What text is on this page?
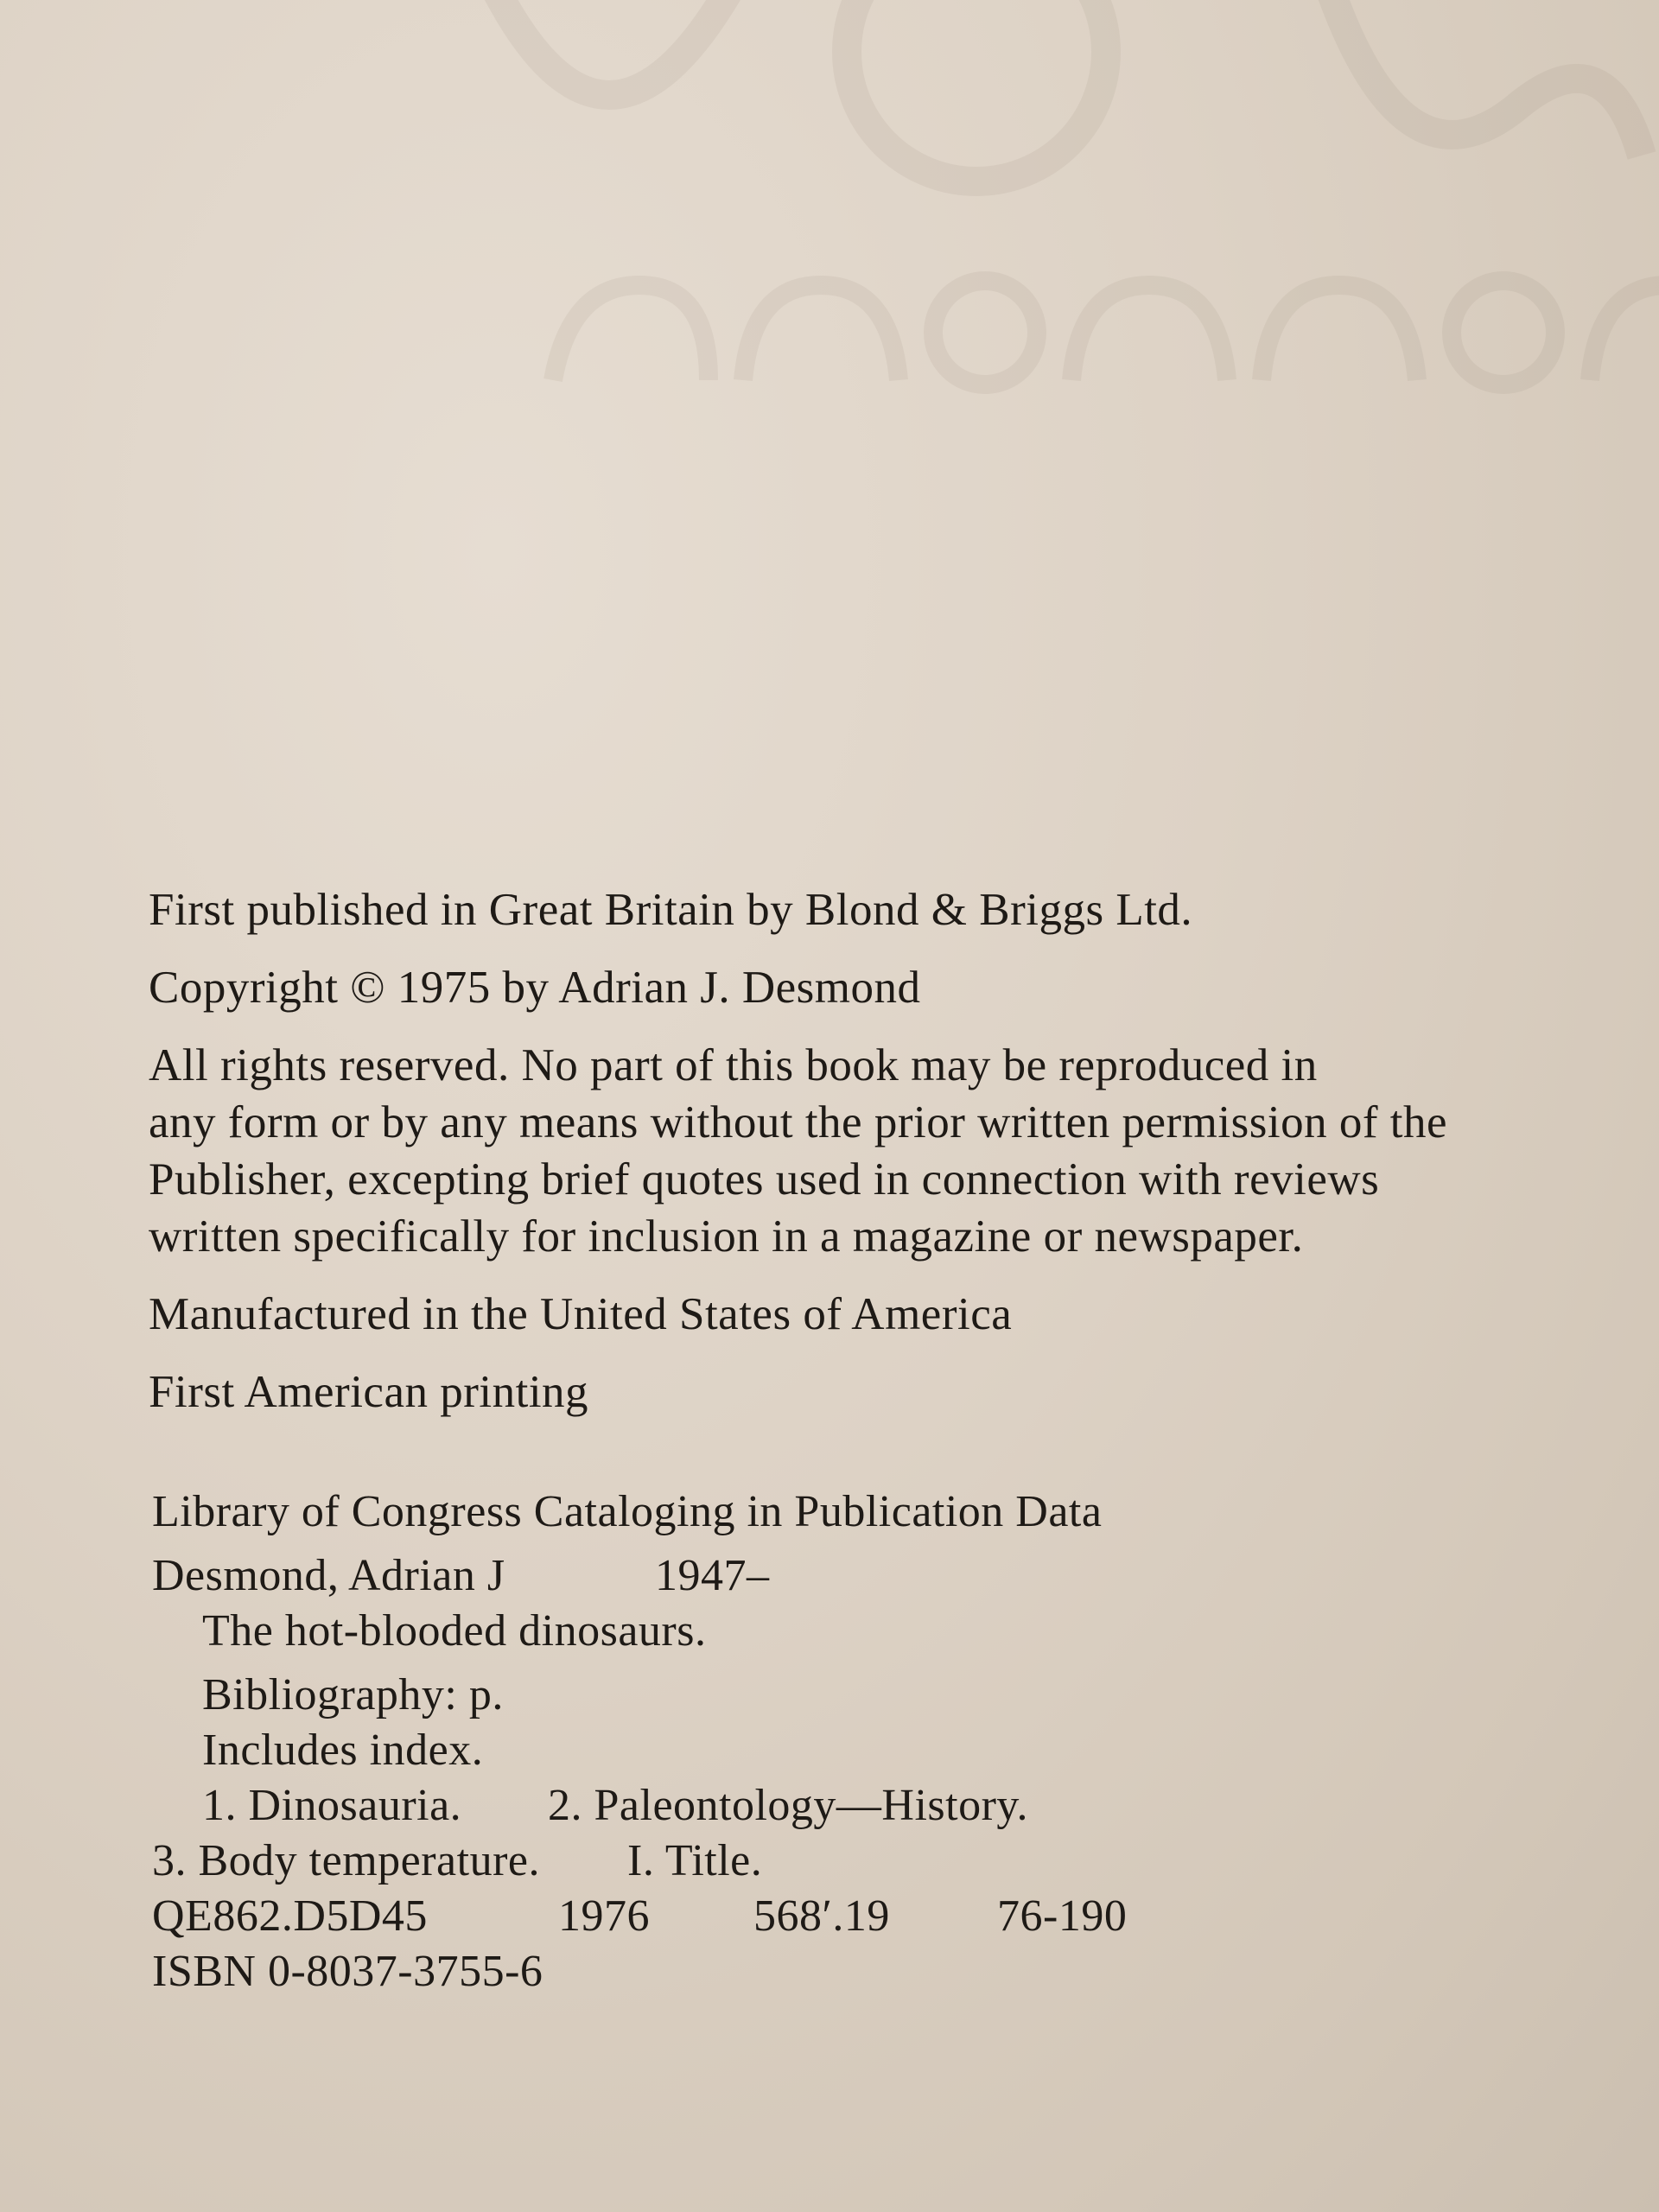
First published in Great Britain by Blond & Briggs Ltd.

Copyright © 1975 by Adrian J. Desmond

All rights reserved. No part of this book may be reproduced in
any form or by any means without the prior written permission of the
Publisher, excepting brief quotes used in connection with reviews
written specifically for inclusion in a magazine or newspaper.

Manufactured in the United States of America

First American printing

Library of Congress Cataloging in Publication Data
Desmond, Adrian J	1947–
The hot-blooded dinosaurs.
Bibliography: p.
Includes index.
1. Dinosauria. 2. Paleontology—History.
3. Body temperature. I. Title.
QE862.D5D45	1976 568′.19 76-190
ISBN 0-8037-3755-6
